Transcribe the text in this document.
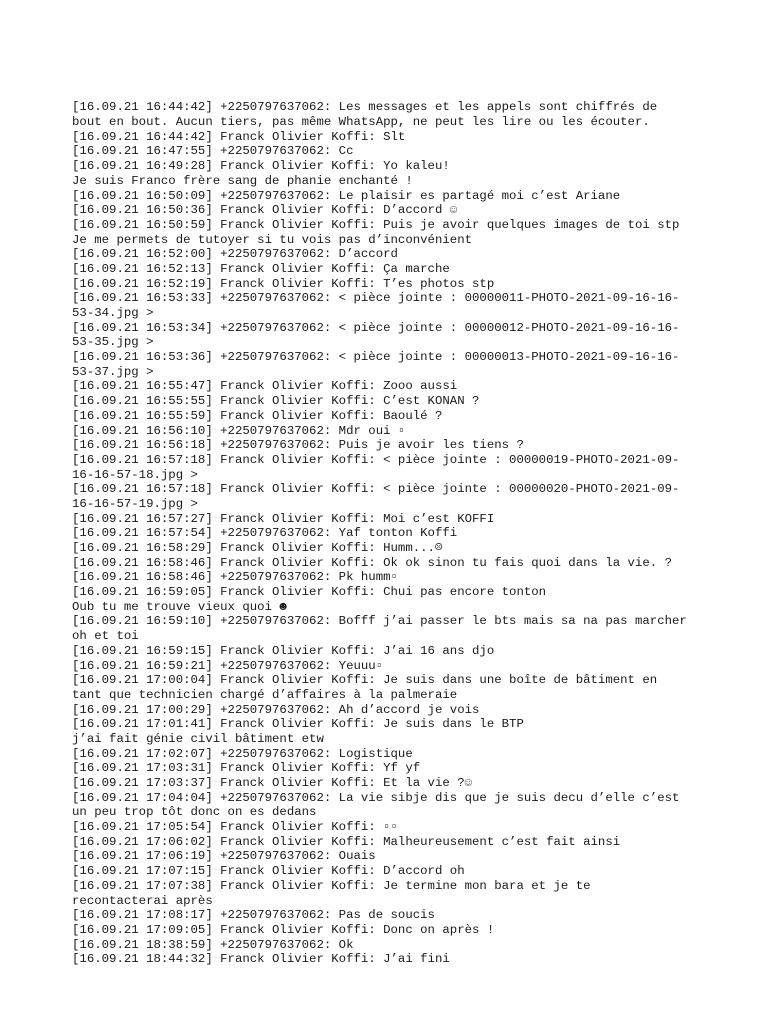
[16.09.21 16:44:42] +2250797637062: Les messages et les appels sont chiffrés de
bout en bout. Aucun tiers, pas même WhatsApp, ne peut les lire ou les écouter.
[16.09.21 16:44:42] Franck Olivier Koffi: Slt
[16.09.21 16:47:55] +2250797637062: Cc
[16.09.21 16:49:28] Franck Olivier Koffi: Yo kaleu!
Je suis Franco frère sang de phanie enchanté !
[16.09.21 16:50:09] +2250797637062: Le plaisir es partagé moi c’est Ariane
[16.09.21 16:50:36] Franck Olivier Koffi: D’accord ☺
[16.09.21 16:50:59] Franck Olivier Koffi: Puis je avoir quelques images de toi stp
Je me permets de tutoyer si tu vois pas d’inconvénient
[16.09.21 16:52:00] +2250797637062: D’accord
[16.09.21 16:52:13] Franck Olivier Koffi: Ça marche
[16.09.21 16:52:19] Franck Olivier Koffi: T’es photos stp
[16.09.21 16:53:33] +2250797637062: < pièce jointe : 00000011-PHOTO-2021-09-16-16-
53-34.jpg >
[16.09.21 16:53:34] +2250797637062: < pièce jointe : 00000012-PHOTO-2021-09-16-16-
53-35.jpg >
[16.09.21 16:53:36] +2250797637062: < pièce jointe : 00000013-PHOTO-2021-09-16-16-
53-37.jpg >
[16.09.21 16:55:47] Franck Olivier Koffi: Zooo aussi
[16.09.21 16:55:55] Franck Olivier Koffi: C’est KONAN ?
[16.09.21 16:55:59] Franck Olivier Koffi: Baoulé ?
[16.09.21 16:56:10] +2250797637062: Mdr oui ▫
[16.09.21 16:56:18] +2250797637062: Puis je avoir les tiens ?
[16.09.21 16:57:18] Franck Olivier Koffi: < pièce jointe : 00000019-PHOTO-2021-09-
16-16-57-18.jpg >
[16.09.21 16:57:18] Franck Olivier Koffi: < pièce jointe : 00000020-PHOTO-2021-09-
16-16-57-19.jpg >
[16.09.21 16:57:27] Franck Olivier Koffi: Moi c’est KOFFI
[16.09.21 16:57:54] +2250797637062: Yaf tonton Koffi
[16.09.21 16:58:29] Franck Olivier Koffi: Humm...☹
[16.09.21 16:58:46] Franck Olivier Koffi: Ok ok sinon tu fais quoi dans la vie. ?
[16.09.21 16:58:46] +2250797637062: Pk humm▫
[16.09.21 16:59:05] Franck Olivier Koffi: Chui pas encore tonton
Oub tu me trouve vieux quoi ☻
[16.09.21 16:59:10] +2250797637062: Bofff j’ai passer le bts mais sa na pas marcher
oh et toi
[16.09.21 16:59:15] Franck Olivier Koffi: J’ai 16 ans djo
[16.09.21 16:59:21] +2250797637062: Yeuuu▫
[16.09.21 17:00:04] Franck Olivier Koffi: Je suis dans une boîte de bâtiment en
tant que technicien chargé d’affaires à la palmeraie
[16.09.21 17:00:29] +2250797637062: Ah d’accord je vois
[16.09.21 17:01:41] Franck Olivier Koffi: Je suis dans le BTP
j’ai fait génie civil bâtiment etw
[16.09.21 17:02:07] +2250797637062: Logistique
[16.09.21 17:03:31] Franck Olivier Koffi: Yf yf
[16.09.21 17:03:37] Franck Olivier Koffi: Et la vie ?☺
[16.09.21 17:04:04] +2250797637062: La vie sibje dis que je suis decu d’elle c’est
un peu trop tôt donc on es dedans
[16.09.21 17:05:54] Franck Olivier Koffi: ▫▫
[16.09.21 17:06:02] Franck Olivier Koffi: Malheureusement c’est fait ainsi
[16.09.21 17:06:19] +2250797637062: Ouais
[16.09.21 17:07:15] Franck Olivier Koffi: D’accord oh
[16.09.21 17:07:38] Franck Olivier Koffi: Je termine mon bara et je te
recontacterai après
[16.09.21 17:08:17] +2250797637062: Pas de soucis
[16.09.21 17:09:05] Franck Olivier Koffi: Donc on après !
[16.09.21 18:38:59] +2250797637062: Ok
[16.09.21 18:44:32] Franck Olivier Koffi: J’ai fini
